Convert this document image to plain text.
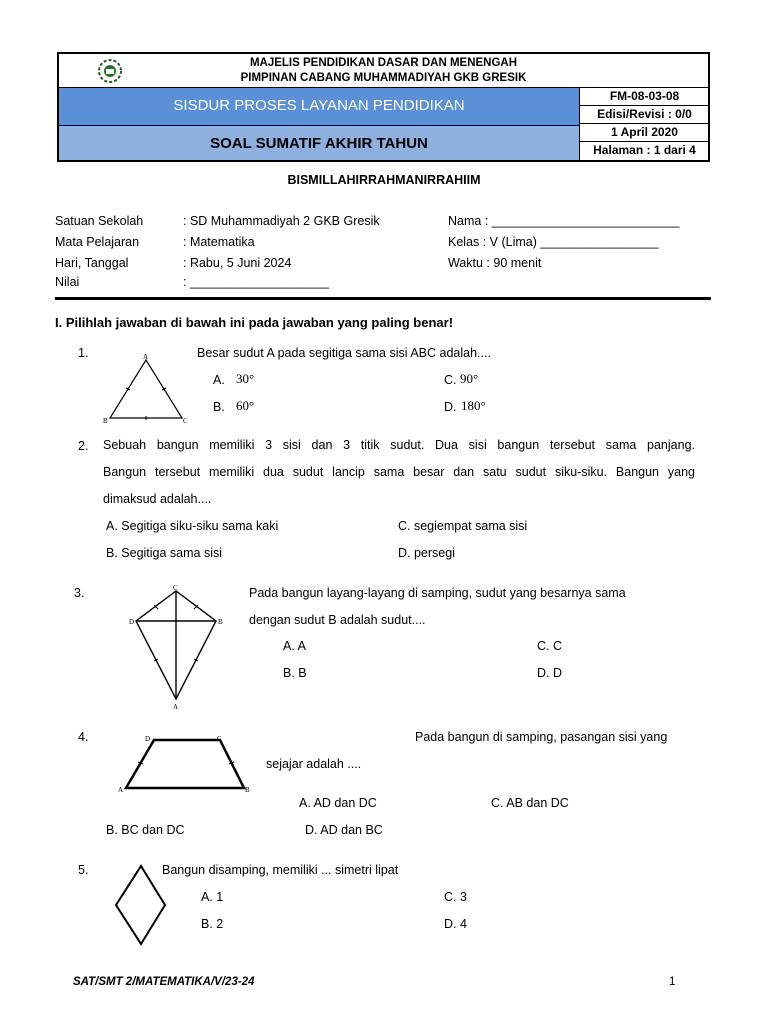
MAJELIS PENDIDIKAN DASAR DAN MENENGAH
PIMPINAN CABANG MUHAMMADIYAH GKB GRESIK
SISDUR PROSES LAYANAN PENDIDIKAN
SOAL SUMATIF AKHIR TAHUN
FM-08-03-08
Edisi/Revisi : 0/0
1 April 2020
Halaman : 1 dari 4
BISMILLAHIRRAHMANIRRAHIIM
Satuan Sekolah	: SD Muhammadiyah 2 GKB Gresik
Mata Pelajaran	: Matematika
Hari, Tanggal	: Rabu, 5 Juni 2024
Nilai	: ____________________
Nama : ___________________________
Kelas : V (Lima) _________________
Waktu : 90 menit
I. Pilihlah jawaban di bawah ini pada jawaban yang paling benar!
1.	A
B	C
Besar sudut A pada segitiga sama sisi ABC adalah....
A. 30°
B. 60°
C. 90°
D. 180°
2. Sebuah bangun memiliki 3 sisi dan 3 titik sudut. Dua sisi bangun tersebut sama panjang.
Bangun tersebut memiliki dua sudut lancip sama besar dan satu sudut siku-siku. Bangun yang
dimaksud adalah....
A. Segitiga siku-siku sama kaki
B. Segitiga sama sisi
C. segiempat sama sisi
D. persegi
3.	C
D	B
A
Pada bangun layang-layang di samping, sudut yang besarnya sama
dengan sudut B adalah sudut....
A. A
B. B
C. C
D. D
4.	D	C
A	B
Pada bangun di samping, pasangan sisi yang
sejajar adalah ....
A. AD dan DC	C. AB dan DC
B. BC dan DC	D. AD dan BC
5.	Bangun disamping, memiliki ... simetri lipat
A. 1
B. 2
C. 3
D. 4
SAT/SMT 2/MATEMATIKA/V/23-24	1
